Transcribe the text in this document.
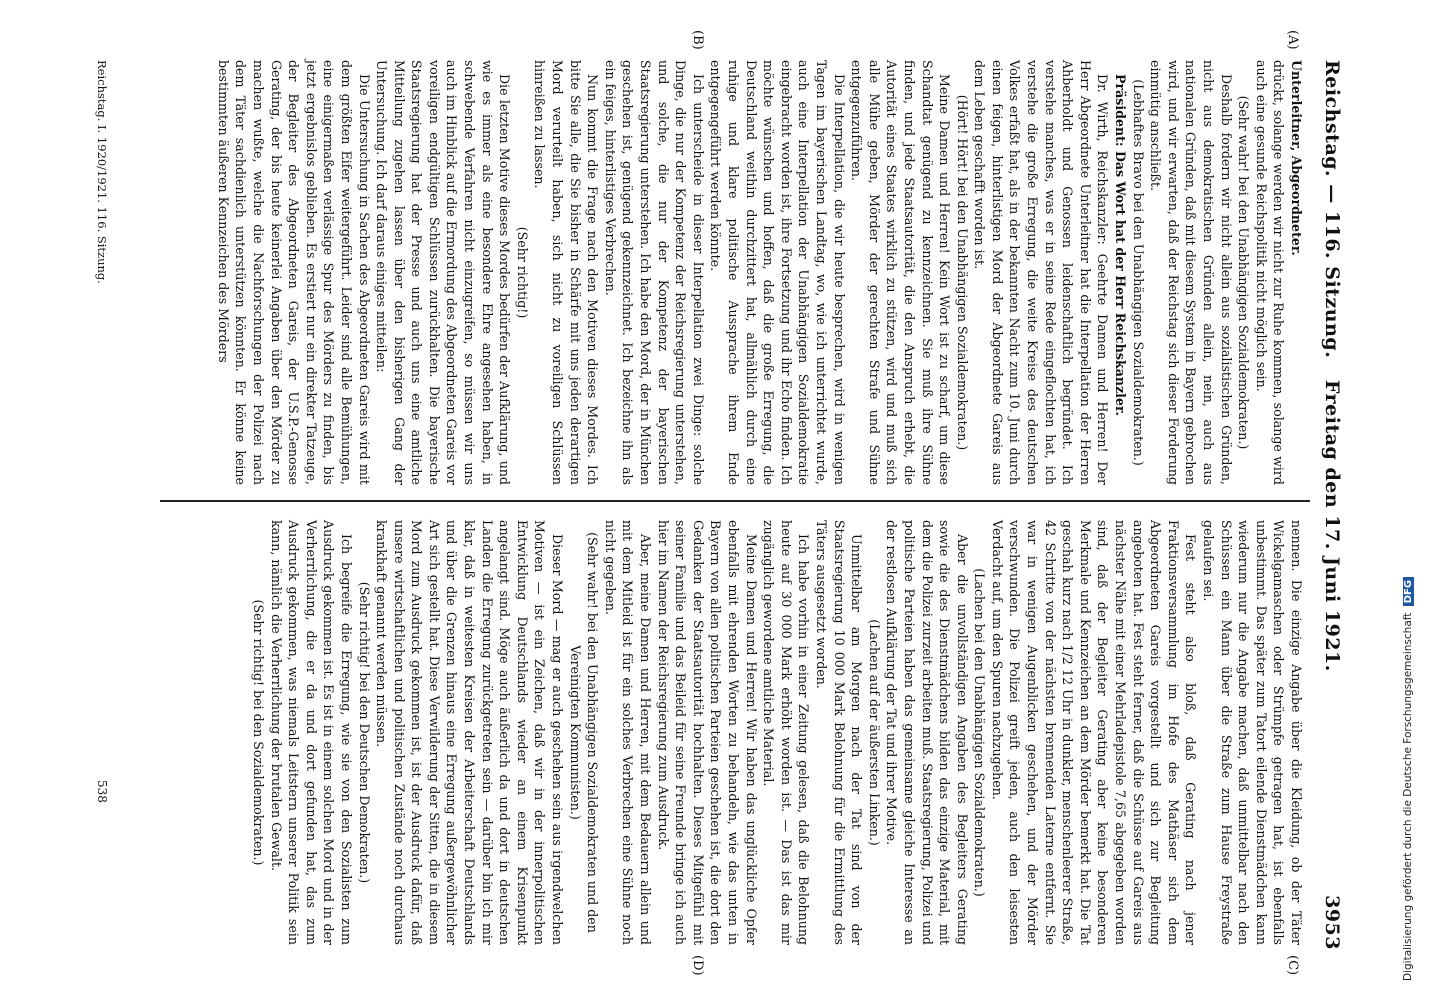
Reichstag. — 116. Sitzung.
Freitag den 17. Juni 1921.
3953
(A)
(B)
(C)
(D)

Unterleitner, Abgeordneter.

drückt, solange werden wir nicht zur Ruhe kommen, solange wird auch eine gesunde Reichspolitik nicht möglich sein.

(Sehr wahr! bei den Unabhängigen Sozialdemokraten.)

Deshalb fordern wir nicht allein aus sozialistischen Gründen, nicht aus demokratischen Gründen allein, nein, auch aus nationalen Gründen, daß mit diesem System in Bayern gebrochen wird, und wir erwarten, daß der Reichstag sich dieser Forderung einmütig anschließt.

(Lebhaftes Bravo bei den Unabhängigen Sozialdemokraten.)

Präsident: Das Wort hat der Herr Reichskanzler.

Dr. Wirth, Reichskanzler: Geehrte Damen und Herren! Der Herr Abgeordnete Unterleitner hat die Interpellation der Herren Ahberholdt und Genossen leidenschaftlich begründet. Ich verstehe manches, was er in seine Rede eingeflochten hat, ich verstehe die große Erregung, die weite Kreise des deutschen Volkes erfaßt hat, als in der bekannten Nacht zum 10. Juni durch einen feigen, hinterlistigen Mord der Abgeordnete Gareis aus dem Leben geschafft worden ist.

(Hört! Hört! bei den Unabhängigen Sozialdemokraten.)

Meine Damen und Herren! Kein Wort ist zu scharf, um diese Schandtat genügend zu kennzeichnen. Sie muß ihre Sühne finden, und jede Staatsautorität, die den Anspruch erhebt, die Autorität eines Staates wirklich zu stützen, wird und muß sich alle Mühe geben, Mörder der gerechten Strafe und Sühne entgegenzuführen.

Die Interpellation, die wir heute besprechen, wird in wenigen Tagen im bayerischen Landtag, wo, wie ich unterrichtet wurde, auch eine Interpellation der Unabhängigen Sozialdemokratie eingebracht worden ist, ihre Fortsetzung und ihr Echo finden. Ich möchte wünschen und hoffen, daß die große Erregung, die Deutschland weithin durchzittert hat, allmählich durch eine ruhige und klare politische Aussprache ihrem Ende entgegengeführt werden könnte.

Ich unterscheide in dieser Interpellation zwei Dinge: solche Dinge, die nur der Kompetenz der Reichsregierung unterstehen, und solche, die nur der Kompetenz der bayerischen Staatsregierung unterstehen. Ich habe den Mord, der in München geschehen ist, genügend gekennzeichnet. Ich bezeichne ihn als ein feiges, hinterlistiges Verbrechen.

Nun kommt die Frage nach den Motiven dieses Mordes. Ich bitte Sie alle, die Sie bisher in Schärfe mit uns jeden derartigen Mord verurteilt haben, sich nicht zu voreiligen Schlüssen hinreißen zu lassen.

(Sehr richtig!)

Die letzten Motive dieses Mordes bedürfen der Aufklärung, und wie es immer als eine besondere Ehre angesehen haben, in schwebende Verfahren nicht einzugreifen, so müssen wir uns auch im Hinblick auf die Ermordung des Abgeordneten Gareis vor voreiligen endgültigen Schlüssen zurückhalten. Die bayerische Staatsregierung hat der Presse und auch uns eine amtliche Mitteilung zugehen lassen über den bisherigen Gang der Untersuchung. Ich darf daraus einiges mitteilen:

Die Untersuchung in Sachen des Abgeordneten Gareis wird mit dem größten Eifer weitergeführt. Leider sind alle Bemühungen, eine einigermaßen verlässige Spur des Mörders zu finden, bis jetzt ergebnislos geblieben. Es erstiert nur ein direkter Tatzeuge, der Begleiter des Abgeordneten Gareis, der U.S.P.-Genosse Gerating, der bis heute keinerlei Angaben über den Mörder zu machen wußte, welche die Nachforschungen der Polizei nach dem Täter sachdienlich unterstützen könnten. Er könne keine bestimmten äußeren Kennzeichen des Mörders

nennen. Die einzige Angabe über die Kleidung, ob der Täter Wickelgamaschen oder Strümpfe getragen hat, ist ebenfalls unbestimmt. Das später zum Tatort eilende Dienstmädchen kann wiederum nur die Angabe machen, daß unmittelbar nach den Schüssen ein Mann über die Straße zum Hause Freystraße gelaufen sei.

Fest steht also bloß, daß Gerating nach jener Fraktionsversammlung im Hofe des Mathäser sich dem Abgeordneten Gareis vorgestellt und sich zur Begleitung angeboten hat. Fest steht ferner, daß die Schüsse auf Gareis aus nächster Nähe mit einer Mehrladepistole 7,65 abgegeben worden sind, daß der Begleiter Gerating aber keine besonderen Merkmale und Kennzeichen an dem Mörder bemerkt hat. Die Tat geschah kurz nach 1/2 12 Uhr in dunkler, menschenleerer Straße, 42 Schritte von der nächsten brennenden Laterne entfernt. Sie war in wenigen Augenblicken geschehen, und der Mörder verschwunden. Die Polizei greift jeden, auch den leisesten Verdacht auf, um den Spuren nachzugehen.

(Lachen bei den Unabhängigen Sozialdemokraten.)

Aber die unvollständigen Angaben des Begleiters Gerating sowie die des Dienstmädchens bilden das einzige Material, mit dem die Polizei zurzeit arbeiten muß. Staatsregierung, Polizei und politische Parteien haben das gemeinsame gleiche Interesse an der restlosen Aufklärung der Tat und ihrer Motive.

(Lachen auf der äußersten Linken.)

Unmittelbar am Morgen nach der Tat sind von der Staatsregierung 10 000 Mark Belohnung für die Ermittlung des Täters ausgesetzt worden.

Ich habe vorhin in einer Zeitung gelesen, daß die Belohnung heute auf 30 000 Mark erhöht worden ist. — Das ist das mir zugänglich gewordene amtliche Material.

Meine Damen und Herren! Wir haben das unglückliche Opfer ebenfalls mit ehrenden Worten zu behandeln, wie das unten in Bayern von allen politischen Parteien geschehen ist, die dort den Gedanken der Staatsautorität hochhalten. Dieses Mitgefühl mit seiner Familie und das Beileid für seine Freunde bringe ich auch hier im Namen der Reichsregierung zum Ausdruck.

Aber, meine Damen und Herren, mit dem Bedauern allein und mit dem Mitleid ist für ein solches Verbrechen eine Sühne noch nicht gegeben.

(Sehr wahr! bei den Unabhängigen Sozialdemokraten und den Vereinigten Kommunisten.)

Dieser Mord — mag er auch geschehen sein aus irgendwelchen Motiven — ist ein Zeichen, daß wir in der innerpolitischen Entwicklung Deutschlands wieder an einem Krisenpunkt angelangt sind. Möge auch äußerlich da und dort in deutschen Landen die Erregung zurückgetreten sein — darüber bin ich mir klar, daß in weitesten Kreisen der Arbeiterschaft Deutschlands und über die Grenzen hinaus eine Erregung außergewöhnlicher Art sich gestellt hat. Diese Verwilderung der Sitten, die in diesem Mord zum Ausdruck gekommen ist, ist der Ausdruck dafür, daß unsere wirtschaftlichen und politischen Zustände noch durchaus krankhaft genannt werden müssen.

(Sehr richtig! bei den Deutschen Demokraten.)

Ich begreife die Erregung, wie sie von den Sozialisten zum Ausdruck gekommen ist. Es ist in einem solchen Mord und in der Verherrlichung, die er da und dort gefunden hat, das zum Ausdruck gekommen, was niemals Leitstern unserer Politik sein kann, nämlich die Verherrlichung der brutalen Gewalt.

(Sehr richtig! bei den Sozialdemokraten.)

Reichstag. I. 1920/1921. 116. Sitzung.
538	Digitalisierung gefördert durch die Deutsche Forschungsgemeinschaft DFG
